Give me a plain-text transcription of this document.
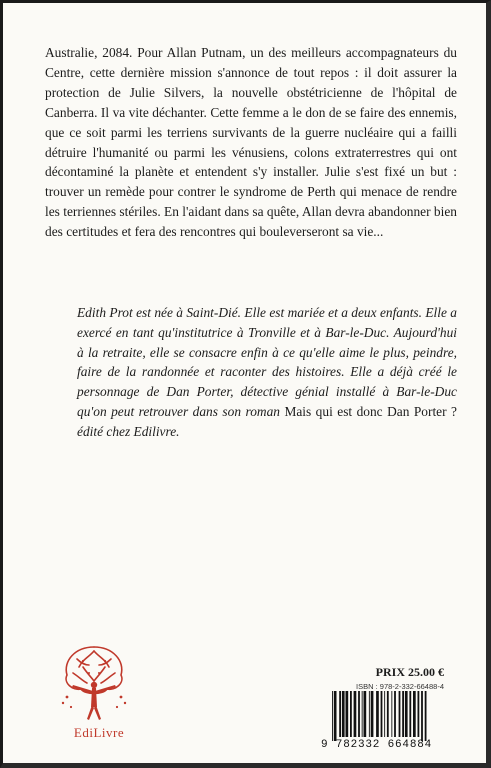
Australie, 2084. Pour Allan Putnam, un des meilleurs accompagnateurs du Centre, cette dernière mission s'annonce de tout repos : il doit assurer la protection de Julie Silvers, la nouvelle obstétricienne de l'hôpital de Canberra. Il va vite déchanter. Cette femme a le don de se faire des ennemis, que ce soit parmi les terriens survivants de la guerre nucléaire qui a failli détruire l'humanité ou parmi les vénusiens, colons extraterrestres qui ont décontaminé la planète et entendent s'y installer. Julie s'est fixé un but : trouver un remède pour contrer le syndrome de Perth qui menace de rendre les terriennes stériles. En l'aidant dans sa quête, Allan devra abandonner bien des certitudes et fera des rencontres qui bouleverseront sa vie...

Edith Prot est née à Saint-Dié. Elle est mariée et a deux enfants. Elle a exercé en tant qu'institutrice à Tronville et à Bar-le-Duc. Aujourd'hui à la retraite, elle se consacre enfin à ce qu'elle aime le plus, peindre, faire de la randonnée et raconter des histoires. Elle a déjà créé le personnage de Dan Porter, détective génial installé à Bar-le-Duc qu'on peut retrouver dans son roman Mais qui est donc Dan Porter ? édité chez Edilivre.

EdiLivre
PRIX 25.00 €
ISBN : 978-2-332-66488-4
9 782332 664884
